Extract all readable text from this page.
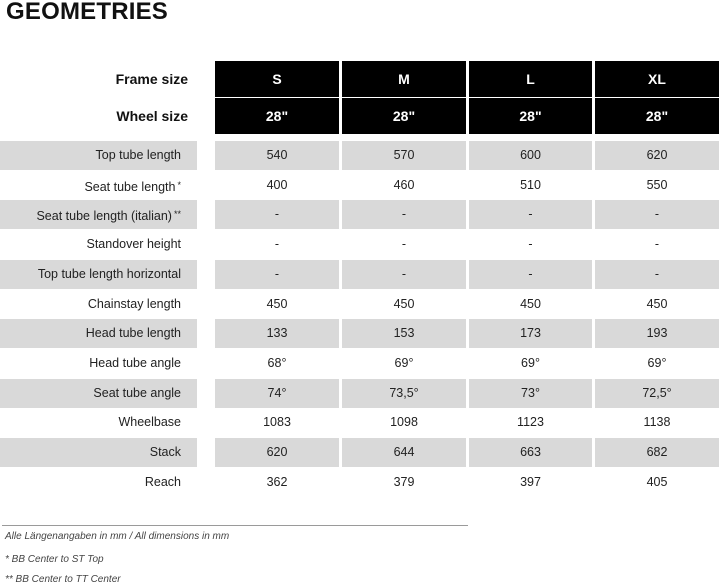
GEOMETRIES
Frame size	S	M	L	XL
Wheel size	28"	28"	28"	28"
Top tube length	540	570	600	620
Seat tube length *	400	460	510	550
Seat tube length (italian) **	-	-	-	-
Standover height	-	-	-	-
Top tube length horizontal	-	-	-	-
Chainstay length	450	450	450	450
Head tube length	133	153	173	193
Head tube angle	68°	69°	69°	69°
Seat tube angle	74°	73,5°	73°	72,5°
Wheelbase	1083	1098	1123	1138
Stack	620	644	663	682
Reach	362	379	397	405
Alle Längenangaben in mm / All dimensions in mm
* BB Center to ST Top
** BB Center to TT Center
